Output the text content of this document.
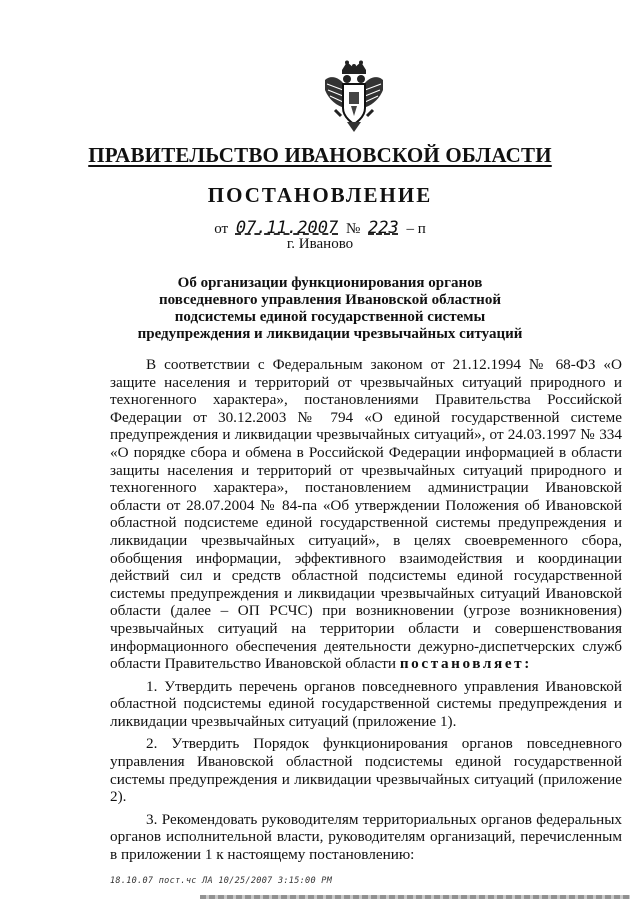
ПРАВИТЕЛЬСТВО ИВАНОВСКОЙ ОБЛАСТИ
ПОСТАНОВЛЕНИЕ
от 07.11.2007 № 223 – п
г. Иваново
Об организации функционирования органов повседневного управления Ивановской областной подсистемы единой государственной системы предупреждения и ликвидации чрезвычайных ситуаций

В соответствии с Федеральным законом от 21.12.1994 № 68-ФЗ «О защите населения и территорий от чрезвычайных ситуаций природного и техногенного характера», постановлениями Правительства Российской Федерации от 30.12.2003 № 794 «О единой государственной системе предупреждения и ликвидации чрезвычайных ситуаций», от 24.03.1997 № 334 «О порядке сбора и обмена в Российской Федерации информацией в области защиты населения и территорий от чрезвычайных ситуаций природного и техногенного характера», постановлением администрации Ивановской области от 28.07.2004 № 84-па «Об утверждении Положения об Ивановской областной подсистеме единой государственной системы предупреждения и ликвидации чрезвычайных ситуаций», в целях своевременного сбора, обобщения информации, эффективного взаимодействия и координации действий сил и средств областной подсистемы единой государственной системы предупреждения и ликвидации чрезвычайных ситуаций Ивановской области (далее – ОП РСЧС) при возникновении (угрозе возникновения) чрезвычайных ситуаций на территории области и совершенствования информационного обеспечения деятельности дежурно-диспетчерских служб области Правительство Ивановской области постановляет:

1. Утвердить перечень органов повседневного управления Ивановской областной подсистемы единой государственной системы предупреждения и ликвидации чрезвычайных ситуаций (приложение 1).

2. Утвердить Порядок функционирования органов повседневного управления Ивановской областной подсистемы единой государственной системы предупреждения и ликвидации чрезвычайных ситуаций (приложение 2).

3. Рекомендовать руководителям территориальных органов федеральных органов исполнительной власти, руководителям организаций, перечисленным в приложении 1 к настоящему постановлению:

18.10.07 пост.чс ЛА 10/25/2007 3:15:00 PM
